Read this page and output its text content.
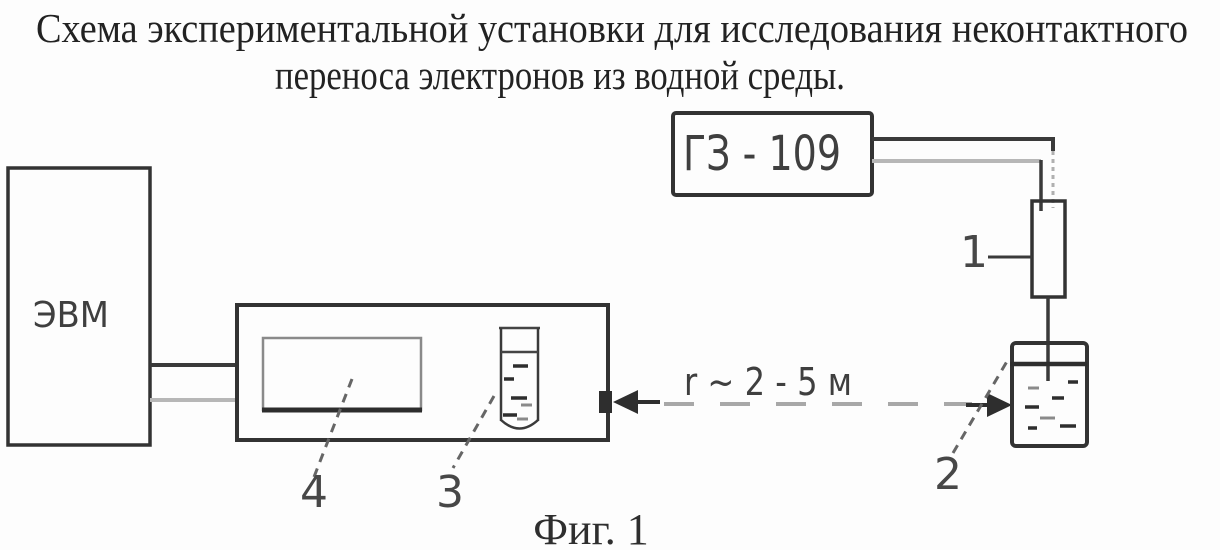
Схема экспериментальной установки для исследования неконтактного
переноса электронов из водной среды.
ЭВМ
4 3
r ~ 2 - 5 м
2
ГЗ - 109
1
Фиг. 1
